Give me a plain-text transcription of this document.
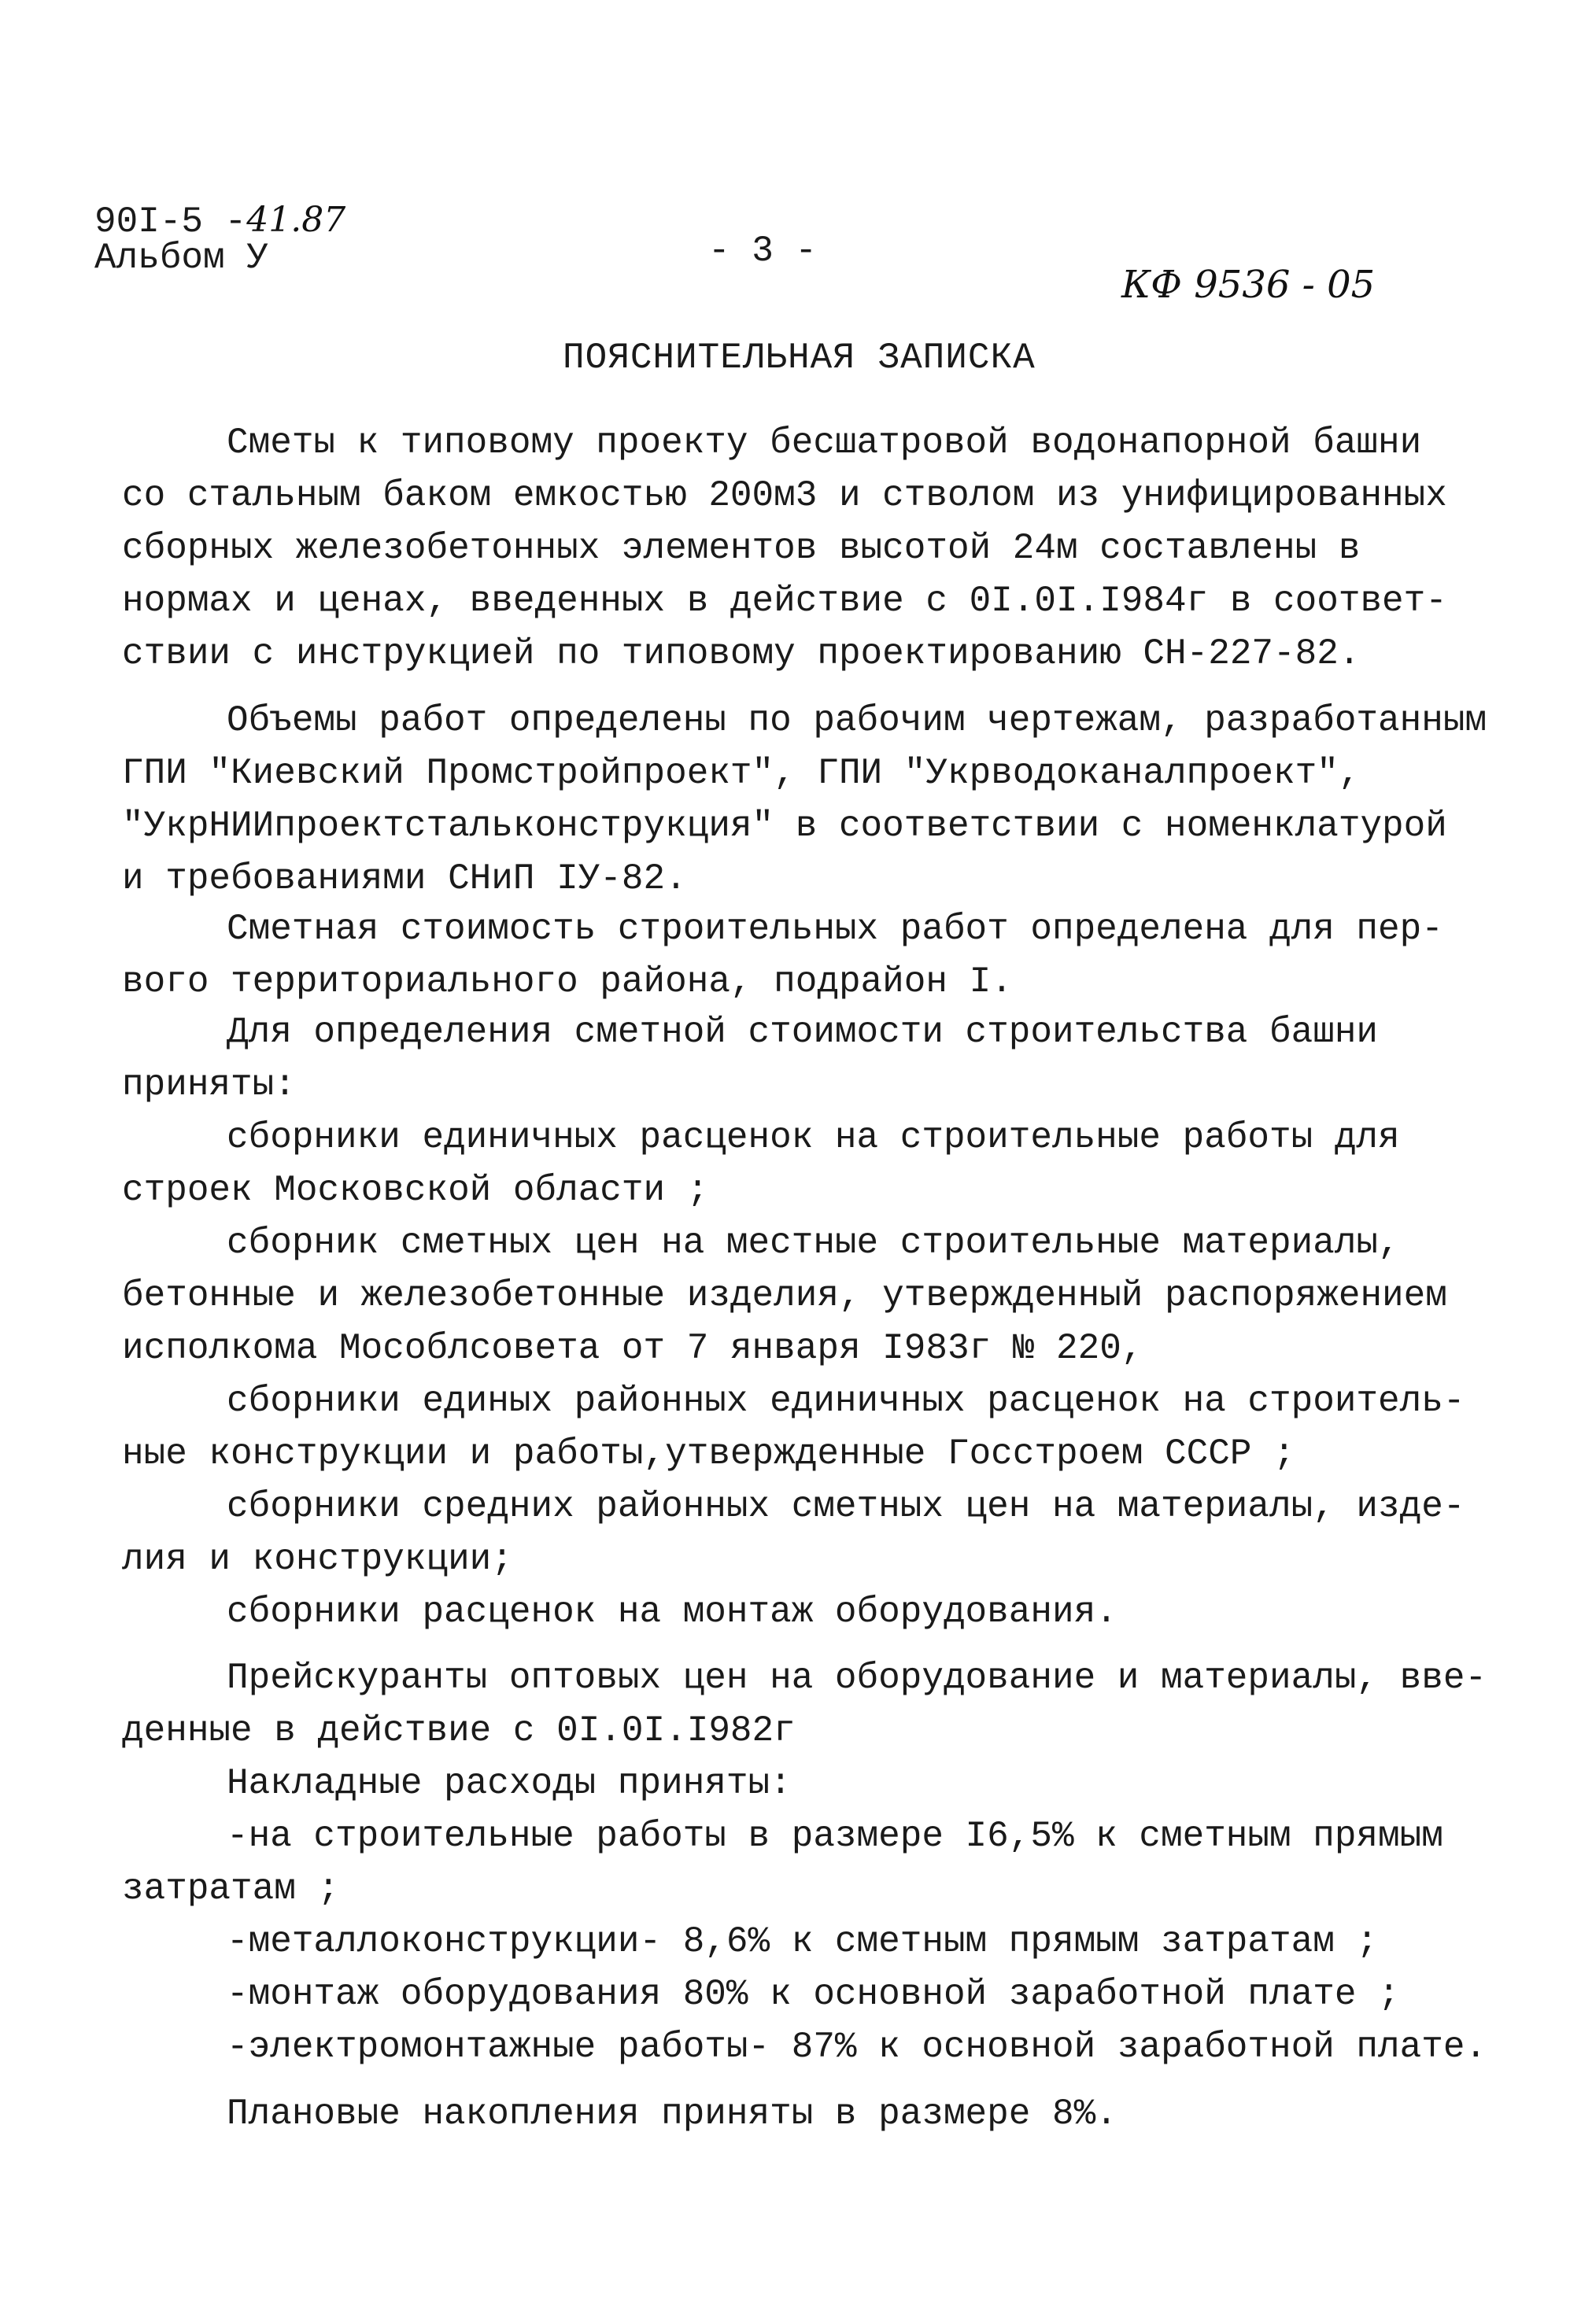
90I-5 -41.87
Альбом У	- 3 -
КФ 9536 - 05
ПОЯСНИТЕЛЬНАЯ ЗАПИСКА
Сметы к типовому проекту бесшатровой водонапорной башни
со стальным баком емкостью 200м3 и стволом из унифицированных
сборных железобетонных элементов высотой 24м составлены в
нормах и ценах, введенных в действие с 0I.0I.I984г в соответ-
ствии с инструкцией по типовому проектированию СН-227-82.
Объемы работ определены по рабочим чертежам, разработанным
ГПИ "Киевский Промстройпроект", ГПИ "Укрводоканалпроект",
"УкрНИИпроектстальконструкция" в соответствии с номенклатурой
и требованиями СНиП IУ-82.
Сметная стоимость строительных работ определена для пер-
вого территориального района, подрайон I.
Для определения сметной стоимости строительства башни
приняты:
сборники единичных расценок на строительные работы для
строек Московской области ;
сборник сметных цен на местные строительные материалы,
бетонные и железобетонные изделия, утвержденный распоряжением
исполкома Мособлсовета от 7 января I983г № 220,
сборники единых районных единичных расценок на строитель-
ные конструкции и работы,утвержденные Госстроем СССР ;
сборники средних районных сметных цен на материалы, изде-
лия и конструкции;
сборники расценок на монтаж оборудования.
Прейскуранты оптовых цен на оборудование и материалы, вве-
денные в действие с 0I.0I.I982г
Накладные расходы приняты:
-на строительные работы в размере I6,5% к сметным прямым
затратам ;
-металлоконструкции- 8,6% к сметным прямым затратам ;
-монтаж оборудования 80% к основной заработной плате ;
-электромонтажные работы- 87% к основной заработной плате.
Плановые накопления приняты в размере 8%.
